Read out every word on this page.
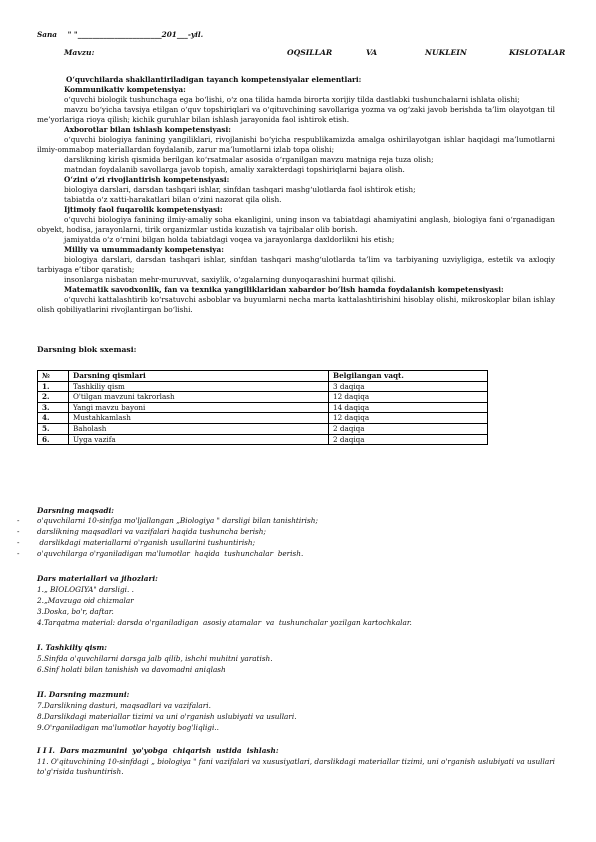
Sana " "_______________________201___-yil.
Mavzu:	OQSILLAR	VA	NUKLEIN	KISLOTALAR
O‘quvchilarda shakllantiriladigan tayanch kompetensiyalar elementlari:
Kommunikativ kompetensiya:
o‘quvchi biologik tushunchaga ega bo‘lishi, o‘z ona tilida hamda birorta xorijiy tilda dastlabki tushunchalarni ishlata olishi;
mavzu bo‘yicha tavsiya etilgan o‘quv topshiriqlari va o‘qituvchining savollariga yozma va og‘zaki javob berishda ta’lim olayotgan til me’yorlariga rioya qilish; kichik guruhlar bilan ishlash jarayonida faol ishtirok etish.
Axborotlar bilan ishlash kompetensiyasi:
o‘quvchi biologiya fanining yangiliklari, rivojlanishi bo‘yicha respublikamizda amalga oshirilayotgan ishlar haqidagi ma’lumotlarni ilmiy-ommabop materiallardan foydalanib, zarur ma’lumotlarni izlab topa olishi;
darslikning kirish qismida berilgan ko‘rsatmalar asosida o‘rganilgan mavzu matniga reja tuza olish;
matndan foydalanib savollarga javob topish, amaliy xarakterdagi topshiriqlarni bajara olish.
O‘zini o‘zi rivojlantirish kompetensiyasi:
biologiya darslari, darsdan tashqari ishlar, sinfdan tashqari mashg‘ulotlarda faol ishtirok etish;
tabiatda o‘z xatti-harakatlari bilan o‘zini nazorat qila olish.
Ijtimoiy faol fuqarolik kompetensiyasi:
o‘quvchi biologiya fanining ilmiy-amaliy soha ekanligini, uning inson va tabiatdagi ahamiyatini anglash, biologiya fani o‘rganadigan obyekt, hodisa, jarayonlarni, tirik organizmlar ustida kuzatish va tajribalar olib borish.
jamiyatda o‘z o‘rnini bilgan holda tabiatdagi voqea va jarayonlarga daxldorlikni his etish;
Milliy va umummadaniy kompetensiya:
biologiya darslari, darsdan tashqari ishlar, sinfdan tashqari mashg‘ulotlarda ta’lim va tarbiyaning uzviyligiga, estetik va axloqiy tarbiyaga e’tibor qaratish;
insonlarga nisbatan mehr-muruvvat, saxiylik, o‘zgalarning dunyoqarashini hurmat qilishi.
Matematik savodxonlik, fan va texnika yangiliklaridan xabardor bo‘lish hamda foydalanish kompetensiyasi:
o‘quvchi kattalashtirib ko‘rsatuvchi asboblar va buyumlarni necha marta kattalashtirishini hisoblay olishi, mikroskoplar bilan ishlay olish qobiliyatlarini rivojlantirgan bo‘lishi.
Darsning blok sxemasi:
№	Darsning qismlari	Belgilangan vaqt.
1.	Tashkiliy qism	3 daqiqa
2.	O'tilgan mavzuni takrorlash	12 daqiqa
3.	Yangi mavzu bayoni	14 daqiqa
4.	Mustahkamlash	12 daqiqa
5.	Baholash	2 daqiqa
6.	Uyga vazifa	2 daqiqa
Darsning maqsadi:
- o'quvchilarni 10-sinfga mo'ljallangan „Biologiya " darsligi bilan tanishtirish;
- darslikning maqsadlari va vazifalari haqida tushuncha berish;
- darslikdagi materiallarni o'rganish usullarini tushuntirish;
- o'quvchilarga o'rganiladigan ma'lumotlar  haqida  tushunchalar  berish.
Dars materiallari va jihozlari:
1.„ BIOLOGIYA" darsligi. .
2.„Mavzuga oid chizmalar
3.Doska, bo'r, daftar.
4.Tarqatma material: darsda o'rganiladigan  asosiy atamalar  va  tushunchalar yozilgan kartochkalar.
I. Tashkiliy qism:
5.Sinfda o'quvchilarni darsga jalb qilib, ishchi muhitni yaratish.
6.Sinf holati bilan tanishish va davomadni aniqlash
II. Darsning mazmuni:
7.Darslikning dasturi, maqsadlari va vazifalari.
8.Darslikdagi materiallar tizimi va uni o'rganish uslubiyati va usullari.
9.O'rganiladigan ma'lumotlar hayotiy bog'liqligi..
I I I.  Dars mazmunini  yo'yobga  chiqarish  ustida  ishlash:
11. O'qituvchining 10-sinfdagi „ biologiya " fani vazifalari va xususiyatlari, darslikdagi materiallar tizimi, uni o'rganish uslubiyati va usullari to'g'risida tushuntirish.
